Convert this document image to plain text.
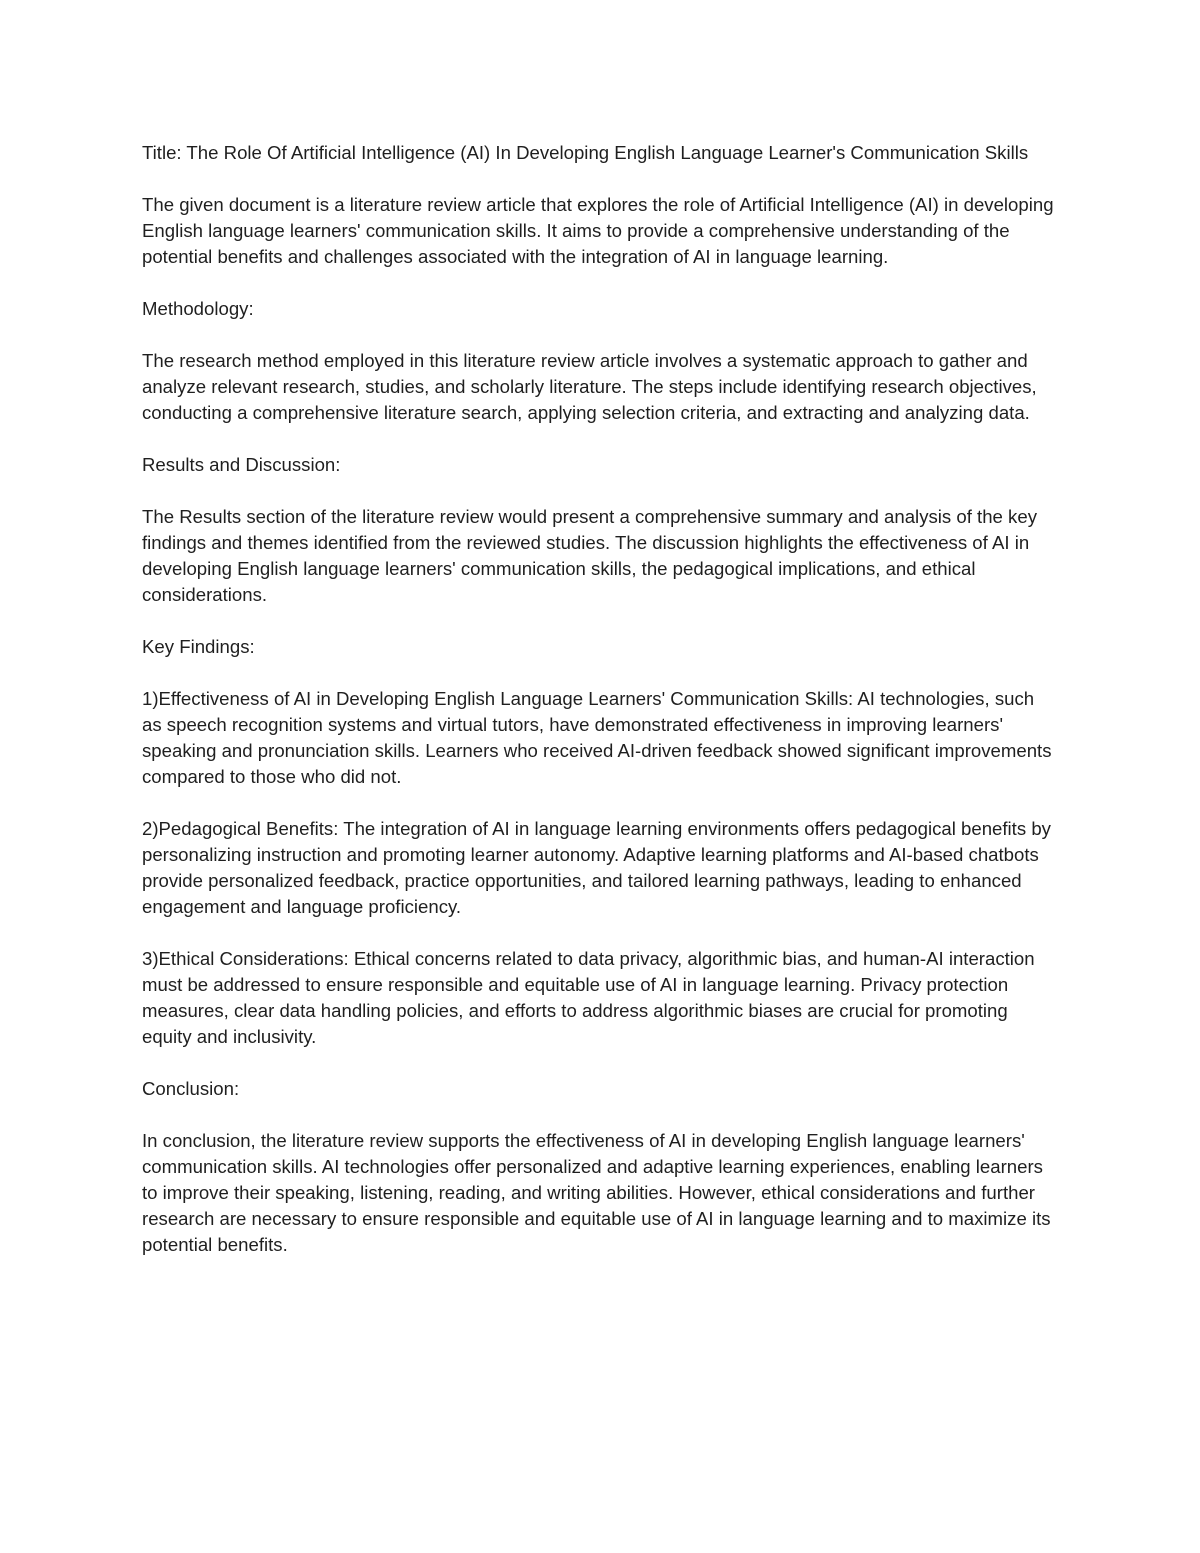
Title: The Role Of Artificial Intelligence (AI) In Developing English Language Learner's Communication Skills

The given document is a literature review article that explores the role of Artificial Intelligence (AI) in developing English language learners' communication skills. It aims to provide a comprehensive understanding of the potential benefits and challenges associated with the integration of AI in language learning.

Methodology:

The research method employed in this literature review article involves a systematic approach to gather and analyze relevant research, studies, and scholarly literature. The steps include identifying research objectives, conducting a comprehensive literature search, applying selection criteria, and extracting and analyzing data.

Results and Discussion:

The Results section of the literature review would present a comprehensive summary and analysis of the key findings and themes identified from the reviewed studies. The discussion highlights the effectiveness of AI in developing English language learners' communication skills, the pedagogical implications, and ethical considerations.

Key Findings:

1)Effectiveness of AI in Developing English Language Learners' Communication Skills: AI technologies, such as speech recognition systems and virtual tutors, have demonstrated effectiveness in improving learners' speaking and pronunciation skills. Learners who received AI-driven feedback showed significant improvements compared to those who did not.

2)Pedagogical Benefits: The integration of AI in language learning environments offers pedagogical benefits by personalizing instruction and promoting learner autonomy. Adaptive learning platforms and AI-based chatbots provide personalized feedback, practice opportunities, and tailored learning pathways, leading to enhanced engagement and language proficiency.

3)Ethical Considerations: Ethical concerns related to data privacy, algorithmic bias, and human-AI interaction must be addressed to ensure responsible and equitable use of AI in language learning. Privacy protection measures, clear data handling policies, and efforts to address algorithmic biases are crucial for promoting equity and inclusivity.

Conclusion:

In conclusion, the literature review supports the effectiveness of AI in developing English language learners' communication skills. AI technologies offer personalized and adaptive learning experiences, enabling learners to improve their speaking, listening, reading, and writing abilities. However, ethical considerations and further research are necessary to ensure responsible and equitable use of AI in language learning and to maximize its potential benefits.
